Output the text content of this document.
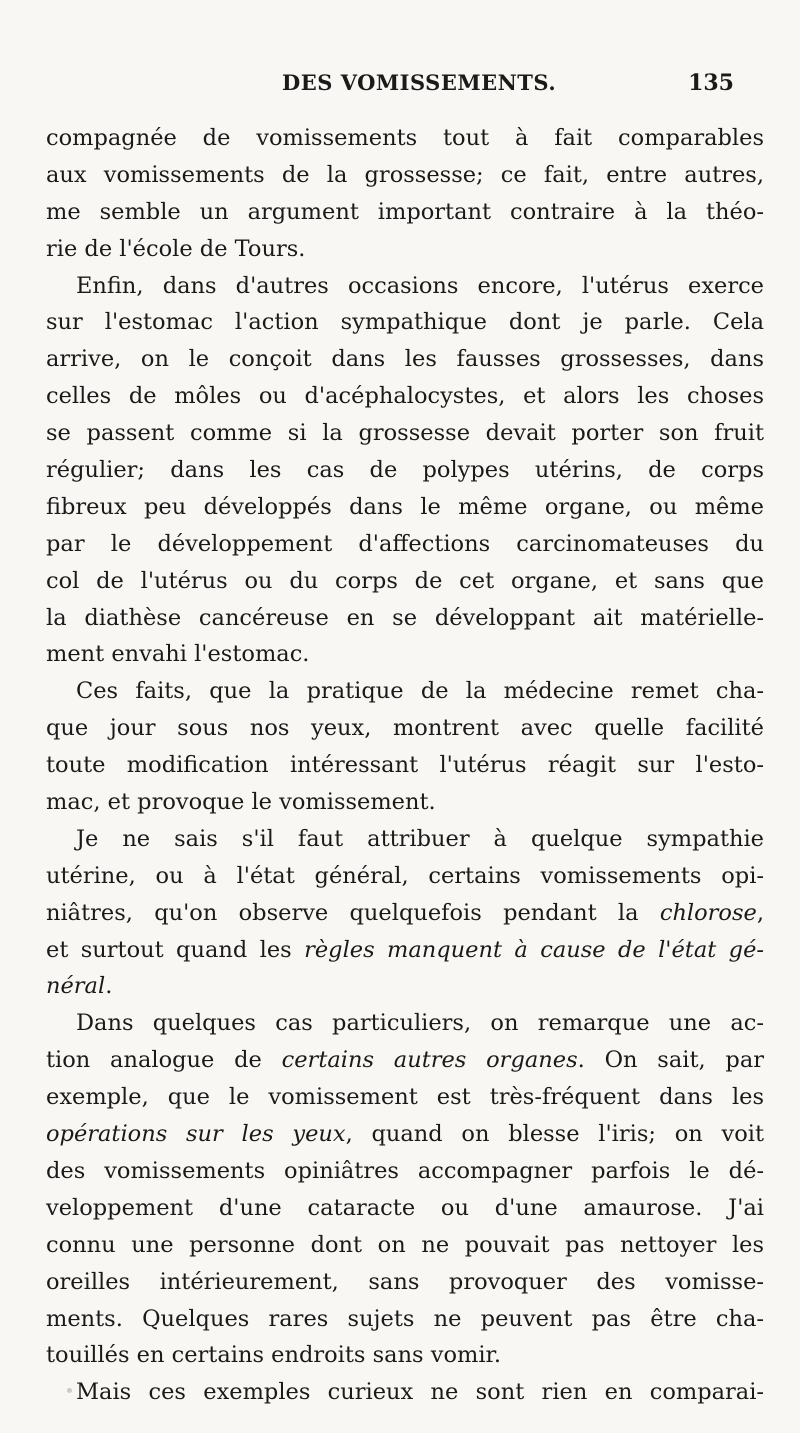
DES VOMISSEMENTS.	135
compagnée de vomissements tout à fait comparables
aux vomissements de la grossesse; ce fait, entre autres,
me semble un argument important contraire à la théo-
rie de l'école de Tours.
Enfin, dans d'autres occasions encore, l'utérus exerce
sur l'estomac l'action sympathique dont je parle. Cela
arrive, on le conçoit dans les fausses grossesses, dans
celles de môles ou d'acéphalocystes, et alors les choses
se passent comme si la grossesse devait porter son fruit
régulier; dans les cas de polypes utérins, de corps
fibreux peu développés dans le même organe, ou même
par le développement d'affections carcinomateuses du
col de l'utérus ou du corps de cet organe, et sans que
la diathèse cancéreuse en se développant ait matérielle-
ment envahi l'estomac.
Ces faits, que la pratique de la médecine remet cha-
que jour sous nos yeux, montrent avec quelle facilité
toute modification intéressant l'utérus réagit sur l'esto-
mac, et provoque le vomissement.
Je ne sais s'il faut attribuer à quelque sympathie
utérine, ou à l'état général, certains vomissements opi-
niâtres, qu'on observe quelquefois pendant la chlorose,
et surtout quand les règles manquent à cause de l'état gé-
néral.
Dans quelques cas particuliers, on remarque une ac-
tion analogue de certains autres organes. On sait, par
exemple, que le vomissement est très-fréquent dans les
opérations sur les yeux, quand on blesse l'iris; on voit
des vomissements opiniâtres accompagner parfois le dé-
veloppement d'une cataracte ou d'une amaurose. J'ai
connu une personne dont on ne pouvait pas nettoyer les
oreilles intérieurement, sans provoquer des vomisse-
ments. Quelques rares sujets ne peuvent pas être cha-
touillés en certains endroits sans vomir.
Mais ces exemples curieux ne sont rien en comparai-
